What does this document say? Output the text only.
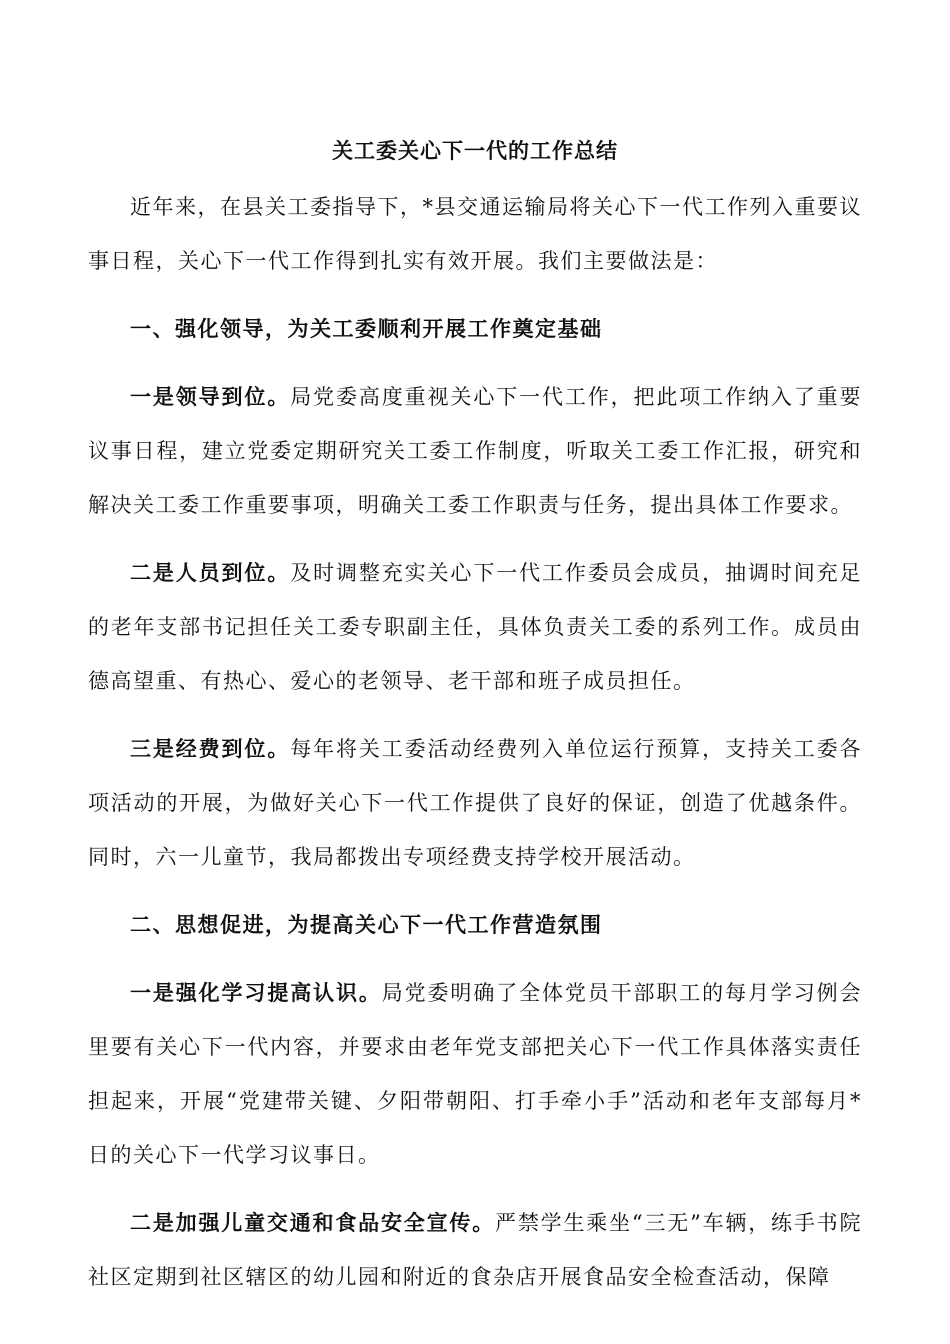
关工委关心下一代的工作总结

近年来，在县关工委指导下，*县交通运输局将关心下一代工作列入重要议事日程，关心下一代工作得到扎实有效开展。我们主要做法是：

一、强化领导，为关工委顺利开展工作奠定基础

一是领导到位。局党委高度重视关心下一代工作，把此项工作纳入了重要议事日程，建立党委定期研究关工委工作制度，听取关工委工作汇报，研究和解决关工委工作重要事项，明确关工委工作职责与任务，提出具体工作要求。

二是人员到位。及时调整充实关心下一代工作委员会成员，抽调时间充足的老年支部书记担任关工委专职副主任，具体负责关工委的系列工作。成员由德高望重、有热心、爱心的老领导、老干部和班子成员担任。

三是经费到位。每年将关工委活动经费列入单位运行预算，支持关工委各项活动的开展，为做好关心下一代工作提供了良好的保证，创造了优越条件。同时，六一儿童节，我局都拨出专项经费支持学校开展活动。

二、思想促进，为提高关心下一代工作营造氛围

一是强化学习提高认识。局党委明确了全体党员干部职工的每月学习例会里要有关心下一代内容，并要求由老年党支部把关心下一代工作具体落实责任担起来，开展“党建带关键、夕阳带朝阳、打手牵小手”活动和老年支部每月*日的关心下一代学习议事日。

二是加强儿童交通和食品安全宣传。严禁学生乘坐“三无”车辆，练手书院社区定期到社区辖区的幼儿园和附近的食杂店开展食品安全检查活动，保障
